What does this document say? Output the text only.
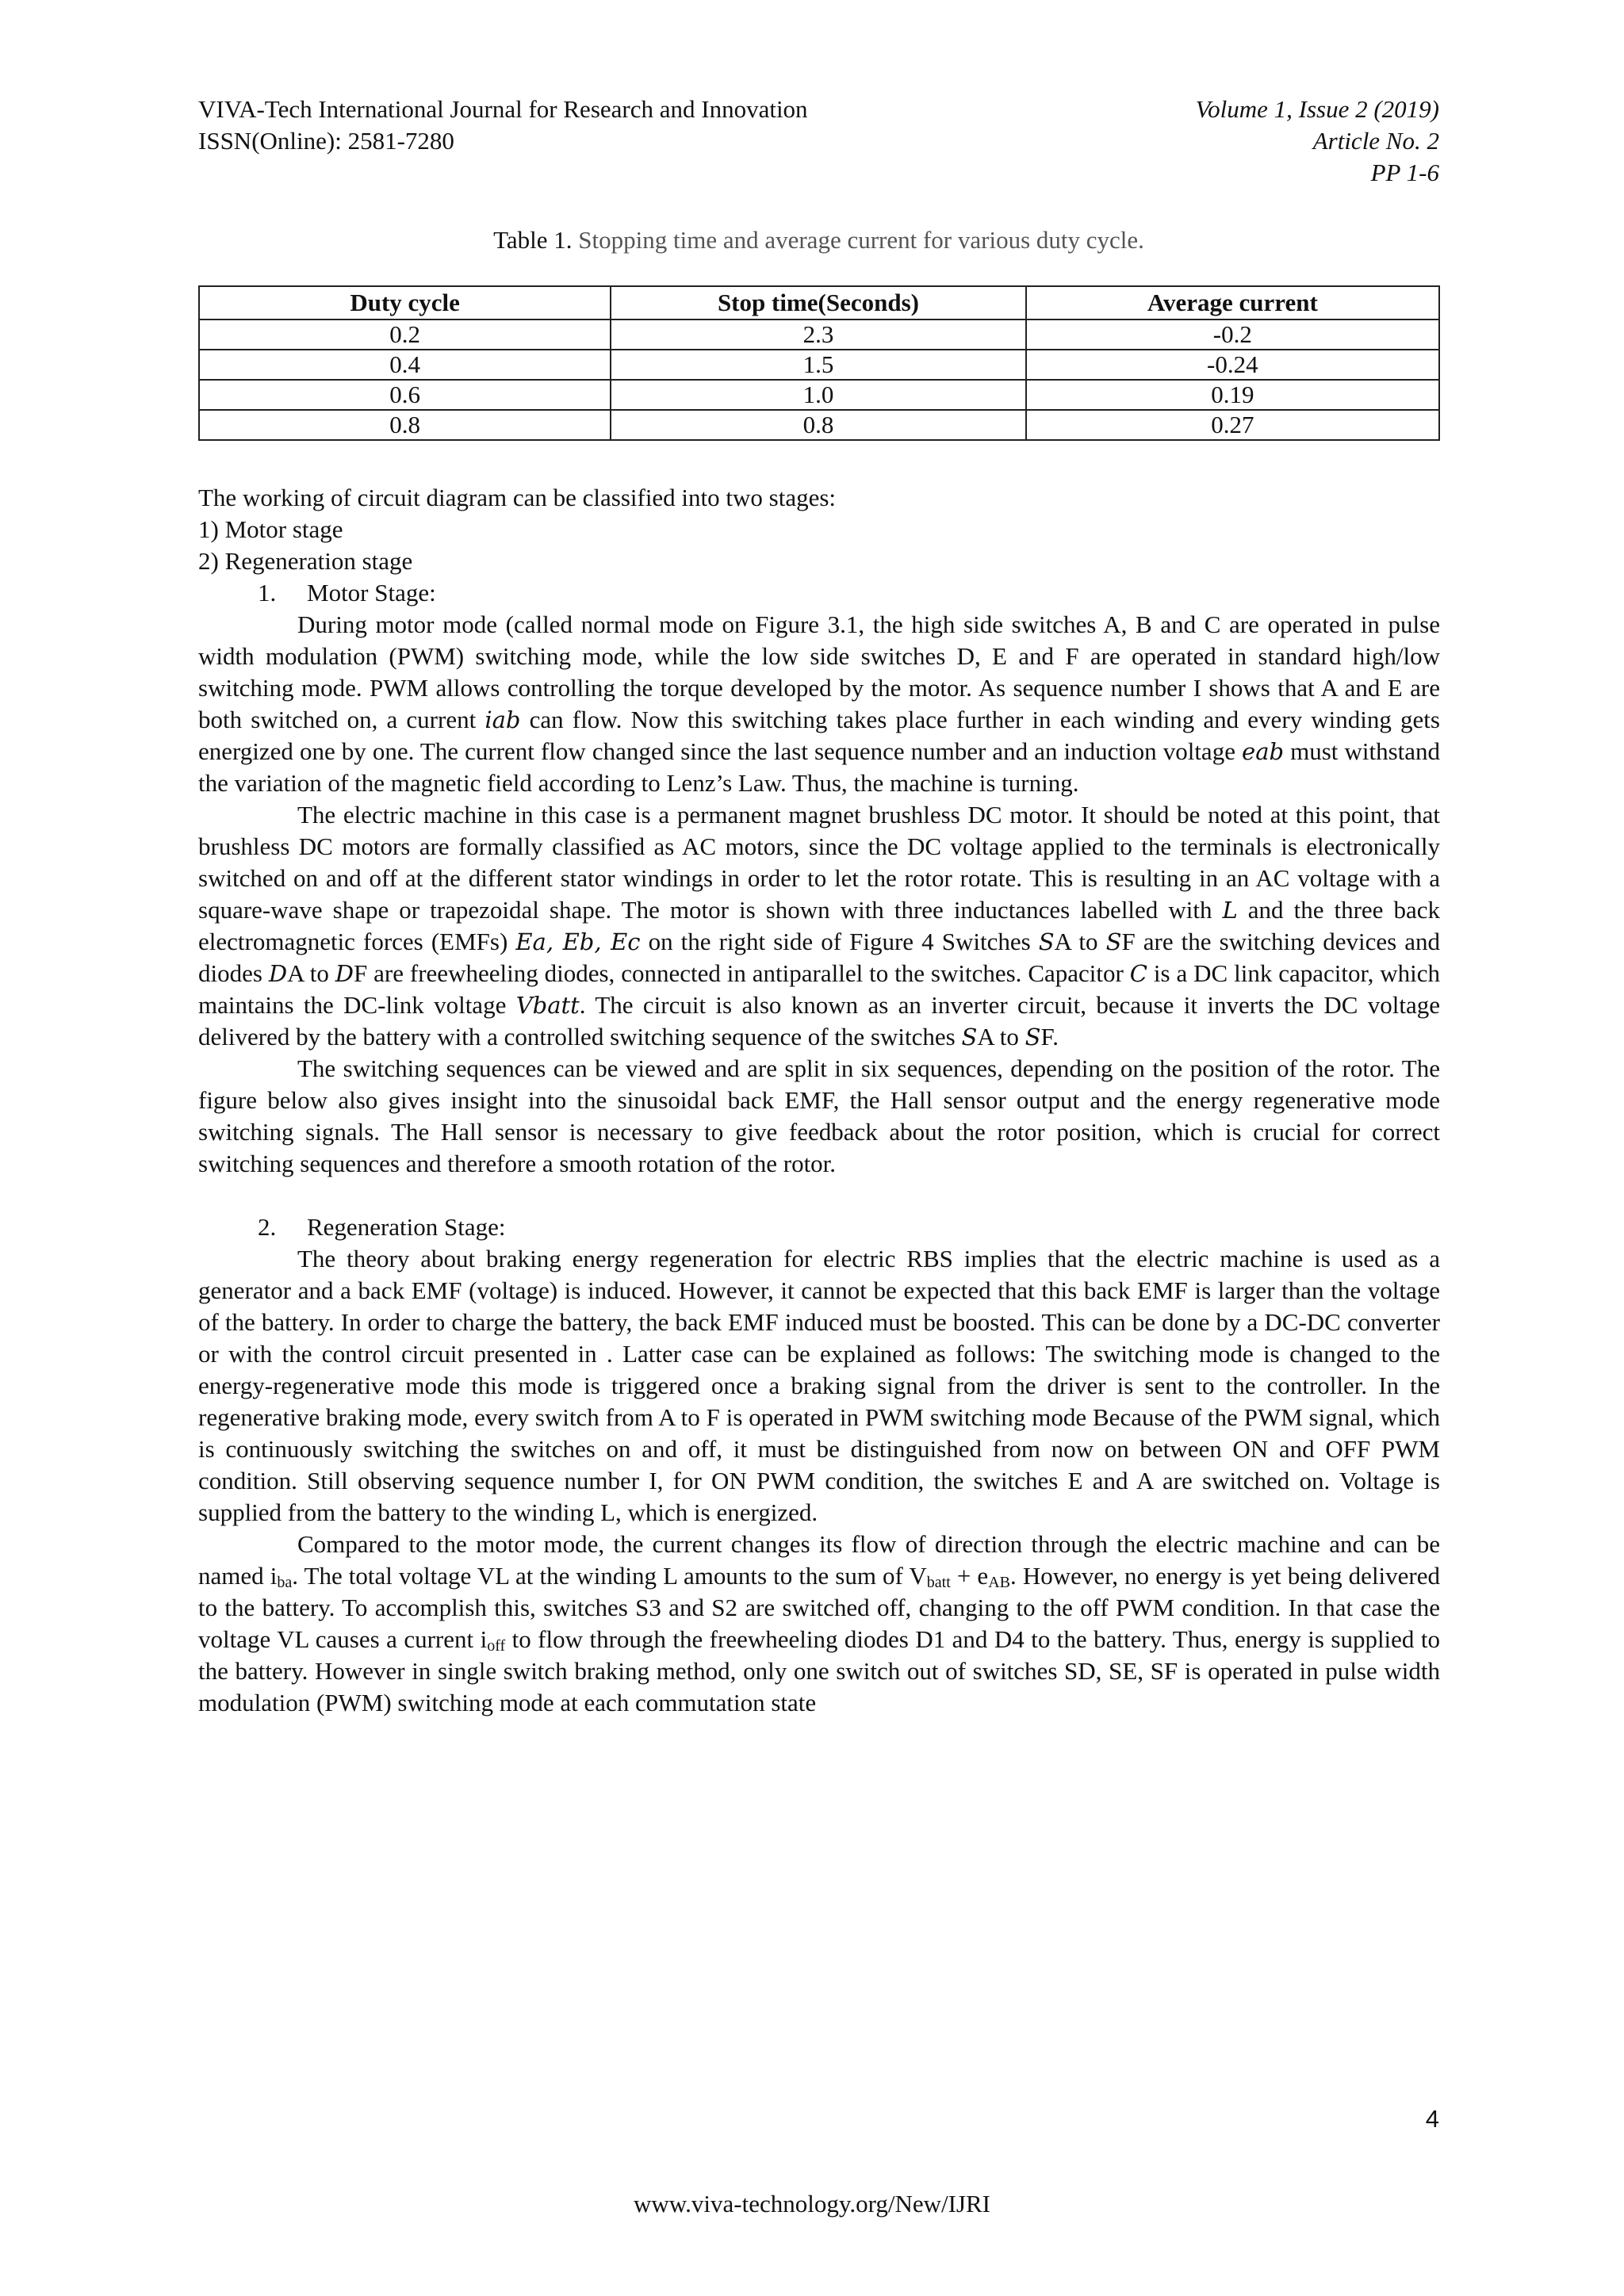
VIVA-Tech International Journal for Research and Innovation
ISSN(Online): 2581-7280
Volume 1, Issue 2 (2019)
Article No. 2
PP 1-6
Table 1. Stopping time and average current for various duty cycle.
Duty cycle	Stop time(Seconds)	Average current
0.2	2.3	-0.2
0.4	1.5	-0.24
0.6	1.0	0.19
0.8	0.8	0.27
The working of circuit diagram can be classified into two stages:
1) Motor stage
2) Regeneration stage
1. Motor Stage:
During motor mode (called normal mode on Figure 3.1, the high side switches A, B and C are operated in pulse width modulation (PWM) switching mode, while the low side switches D, E and F are operated in standard high/low switching mode. PWM allows controlling the torque developed by the motor. As sequence number I shows that A and E are both switched on, a current iab can flow. Now this switching takes place further in each winding and every winding gets energized one by one. The current flow changed since the last sequence number and an induction voltage eab must withstand the variation of the magnetic field according to Lenz’s Law. Thus, the machine is turning.
The electric machine in this case is a permanent magnet brushless DC motor. It should be noted at this point, that brushless DC motors are formally classified as AC motors, since the DC voltage applied to the terminals is electronically switched on and off at the different stator windings in order to let the rotor rotate. This is resulting in an AC voltage with a square-wave shape or trapezoidal shape. The motor is shown with three inductances labelled with L and the three back electromagnetic forces (EMFs) Ea, Eb, Ec on the right side of Figure 4 Switches SA to SF are the switching devices and diodes DA to DF are freewheeling diodes, connected in antiparallel to the switches. Capacitor C is a DC link capacitor, which maintains the DC-link voltage Vbatt. The circuit is also known as an inverter circuit, because it inverts the DC voltage delivered by the battery with a controlled switching sequence of the switches SA to SF.
The switching sequences can be viewed and are split in six sequences, depending on the position of the rotor. The figure below also gives insight into the sinusoidal back EMF, the Hall sensor output and the energy regenerative mode switching signals. The Hall sensor is necessary to give feedback about the rotor position, which is crucial for correct switching sequences and therefore a smooth rotation of the rotor.
2. Regeneration Stage:
The theory about braking energy regeneration for electric RBS implies that the electric machine is used as a generator and a back EMF (voltage) is induced. However, it cannot be expected that this back EMF is larger than the voltage of the battery. In order to charge the battery, the back EMF induced must be boosted. This can be done by a DC-DC converter or with the control circuit presented in . Latter case can be explained as follows: The switching mode is changed to the energy-regenerative mode this mode is triggered once a braking signal from the driver is sent to the controller. In the regenerative braking mode, every switch from A to F is operated in PWM switching mode Because of the PWM signal, which is continuously switching the switches on and off, it must be distinguished from now on between ON and OFF PWM condition. Still observing sequence number I, for ON PWM condition, the switches E and A are switched on. Voltage is supplied from the battery to the winding L, which is energized.
Compared to the motor mode, the current changes its flow of direction through the electric machine and can be named $i_{ba}$. The total voltage VL at the winding L amounts to the sum of $V_{batt} + e_{AB}$. However, no energy is yet being delivered to the battery. To accomplish this, switches S3 and S2 are switched off, changing to the off PWM condition. In that case the voltage VL causes a current $i_{off}$ to flow through the freewheeling diodes D1 and D4 to the battery. Thus, energy is supplied to the battery. However in single switch braking method, only one switch out of switches SD, SE, SF is operated in pulse width modulation (PWM) switching mode at each commutation state
4
www.viva-technology.org/New/IJRI
